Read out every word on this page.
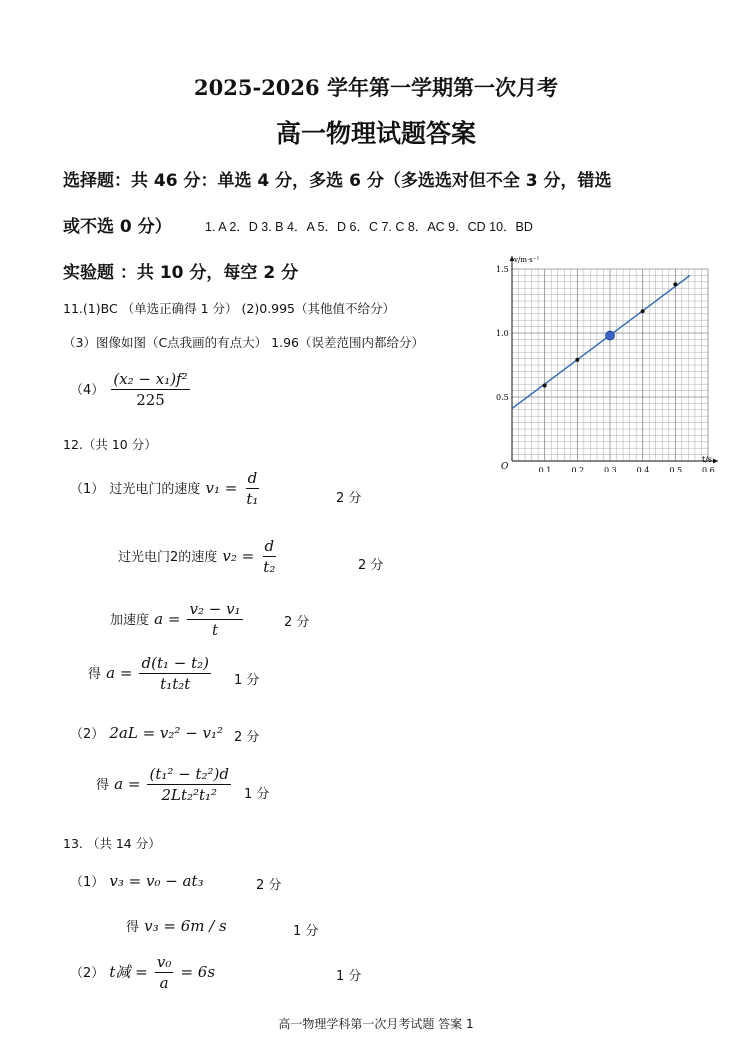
2025-2026 学年第一学期第一次月考
高一物理试题答案
选择题：共 46 分：单选 4 分，多选 6 分（多选选对但不全 3 分，错选
或不选 0 分）	1. A 2．D 3. B 4．A 5．D 6．C 7. C 8．AC 9．CD 10．BD
实验题 ：共 10 分，每空 2 分
11.(1)BC （单选正确得 1 分） (2)0.995（其他值不给分）
（3）图像如图（C点我画的有点大） 1.96（误差范围内都给分）
$(4) \frac{\text{(x₂ − x₁)f²}}{225}$
0.1 0.2 0.3 0.4 0.5 0.6
0.5
1.0
1.5
v/m·s⁻¹
t/s
O
12.（共 10 分）
（1） 过光电门的速度 $v_1 = \frac{d}{\text{t₁}}$	2 分
过光电门2的速度 $v_2 = \frac{d}{\text{t₂}}$	2 分
加速度 $a = \frac{\text{v₂ − v₁}}{t}$	2 分
得 $a = \frac{\text{d(t₁ − t₂)}}{\text{t₁t₂t}} 1$ 分
（2） 2aL = v₂² − v₁² 2 分
得 $a = \frac{\text{(t₁² − t₂²)d}}{\text{2Lt₂²t₁²}} 1$ 分
13. （共 14 分）
（1） v₃ = v₀ − at₃	2 分
得 v₃ = 6m / s	1 分
（2） t减 = $\frac{\text{v₀}}{a} = 6s$	1 分
高一物理学科第一次月考试题 答案 1
